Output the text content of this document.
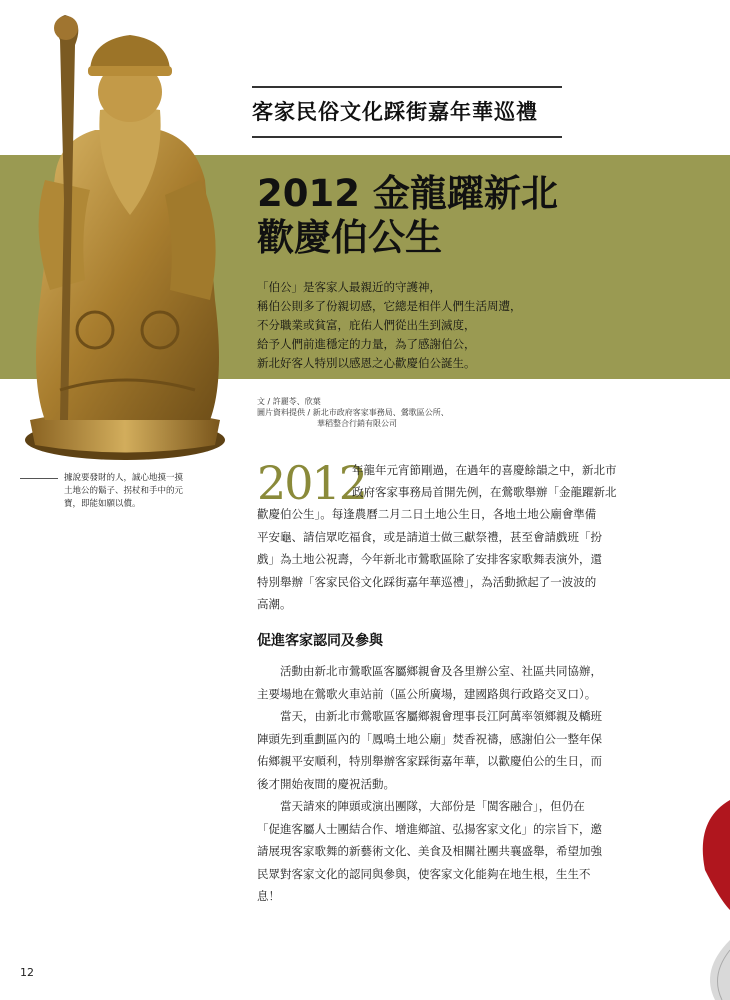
客家民俗文化踩街嘉年華巡禮
2012 金龍躍新北
歡慶伯公生
「伯公」是客家人最親近的守護神，
稱伯公則多了份親切感，它總是相伴人們生活周遭，
不分職業或貧富，庇佑人們從出生到滅度，
給予人們前進穩定的力量，為了感謝伯公，
新北好客人特別以感恩之心歡慶伯公誕生。
文 / 許麗苓、欣葉
圖片資料提供 / 新北市政府客家事務局、鶯歌區公所、
華稻整合行銷有限公司
據說要發財的人，誠心地摸一摸
土地公的鬍子、拐杖和手中的元
寶，即能如願以償。	2012
年龍年元宵節剛過，在過年的喜慶餘韻之中，新北市
政府客家事務局首開先例，在鶯歌舉辦「金龍躍新北
歡慶伯公生」。每逢農曆二月二日土地公生日，各地土地公廟會準備
平安龜、請信眾吃福食，或是請道士做三獻祭禮，甚至會請戲班「扮
戲」為土地公祝壽，今年新北市鶯歌區除了安排客家歌舞表演外，還
特別舉辦「客家民俗文化踩街嘉年華巡禮」，為活動掀起了一波波的
高潮。
促進客家認同及參與
　　活動由新北市鶯歌區客屬鄉親會及各里辦公室、社區共同協辦，
主要場地在鶯歌火車站前（區公所廣場，建國路與行政路交叉口）。
　　當天，由新北市鶯歌區客屬鄉親會理事長江阿萬率領鄉親及轎班
陣頭先到重劃區內的「鳳鳴土地公廟」焚香祝禱，感謝伯公一整年保
佑鄉親平安順利，特別舉辦客家踩街嘉年華，以歡慶伯公的生日，而
後才開始夜間的慶祝活動。
　　當天請來的陣頭或演出團隊，大部份是「閩客融合」，但仍在
「促進客屬人士團結合作、增進鄉誼、弘揚客家文化」的宗旨下，邀
請展現客家歌舞的新藝術文化、美食及相關社團共襄盛舉，希望加強
民眾對客家文化的認同與參與，使客家文化能夠在地生根，生生不
息！
12
